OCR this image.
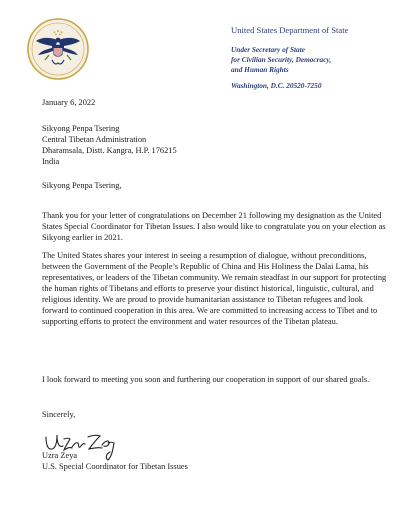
United States Department of State
Under Secretary of State
for Civilian Security, Democracy,
and Human Rights
Washington, D.C. 20520-7250
January 6, 2022
Sikyong Penpa Tsering
Central Tibetan Administration
Dharamsala, Distt. Kangra, H.P. 176215
India
Sikyong Penpa Tsering,

Thank you for your letter of congratulations on December 21 following my designation as the United States Special Coordinator for Tibetan Issues. I also would like to congratulate you on your election as Sikyong earlier in 2021.

The United States shares your interest in seeing a resumption of dialogue, without preconditions, between the Government of the People’s Republic of China and His Holiness the Dalai Lama, his representatives, or leaders of the Tibetan community. We remain steadfast in our support for protecting the human rights of Tibetans and efforts to preserve your distinct historical, linguistic, cultural, and religious identity. We are proud to provide humanitarian assistance to Tibetan refugees and look forward to continued cooperation in this area. We are committed to increasing access to Tibet and to supporting efforts to protect the environment and water resources of the Tibetan plateau.

I look forward to meeting you soon and furthering our cooperation in support of our shared goals.

Sincerely,
Uzra Zeya
U.S. Special Coordinator for Tibetan Issues
